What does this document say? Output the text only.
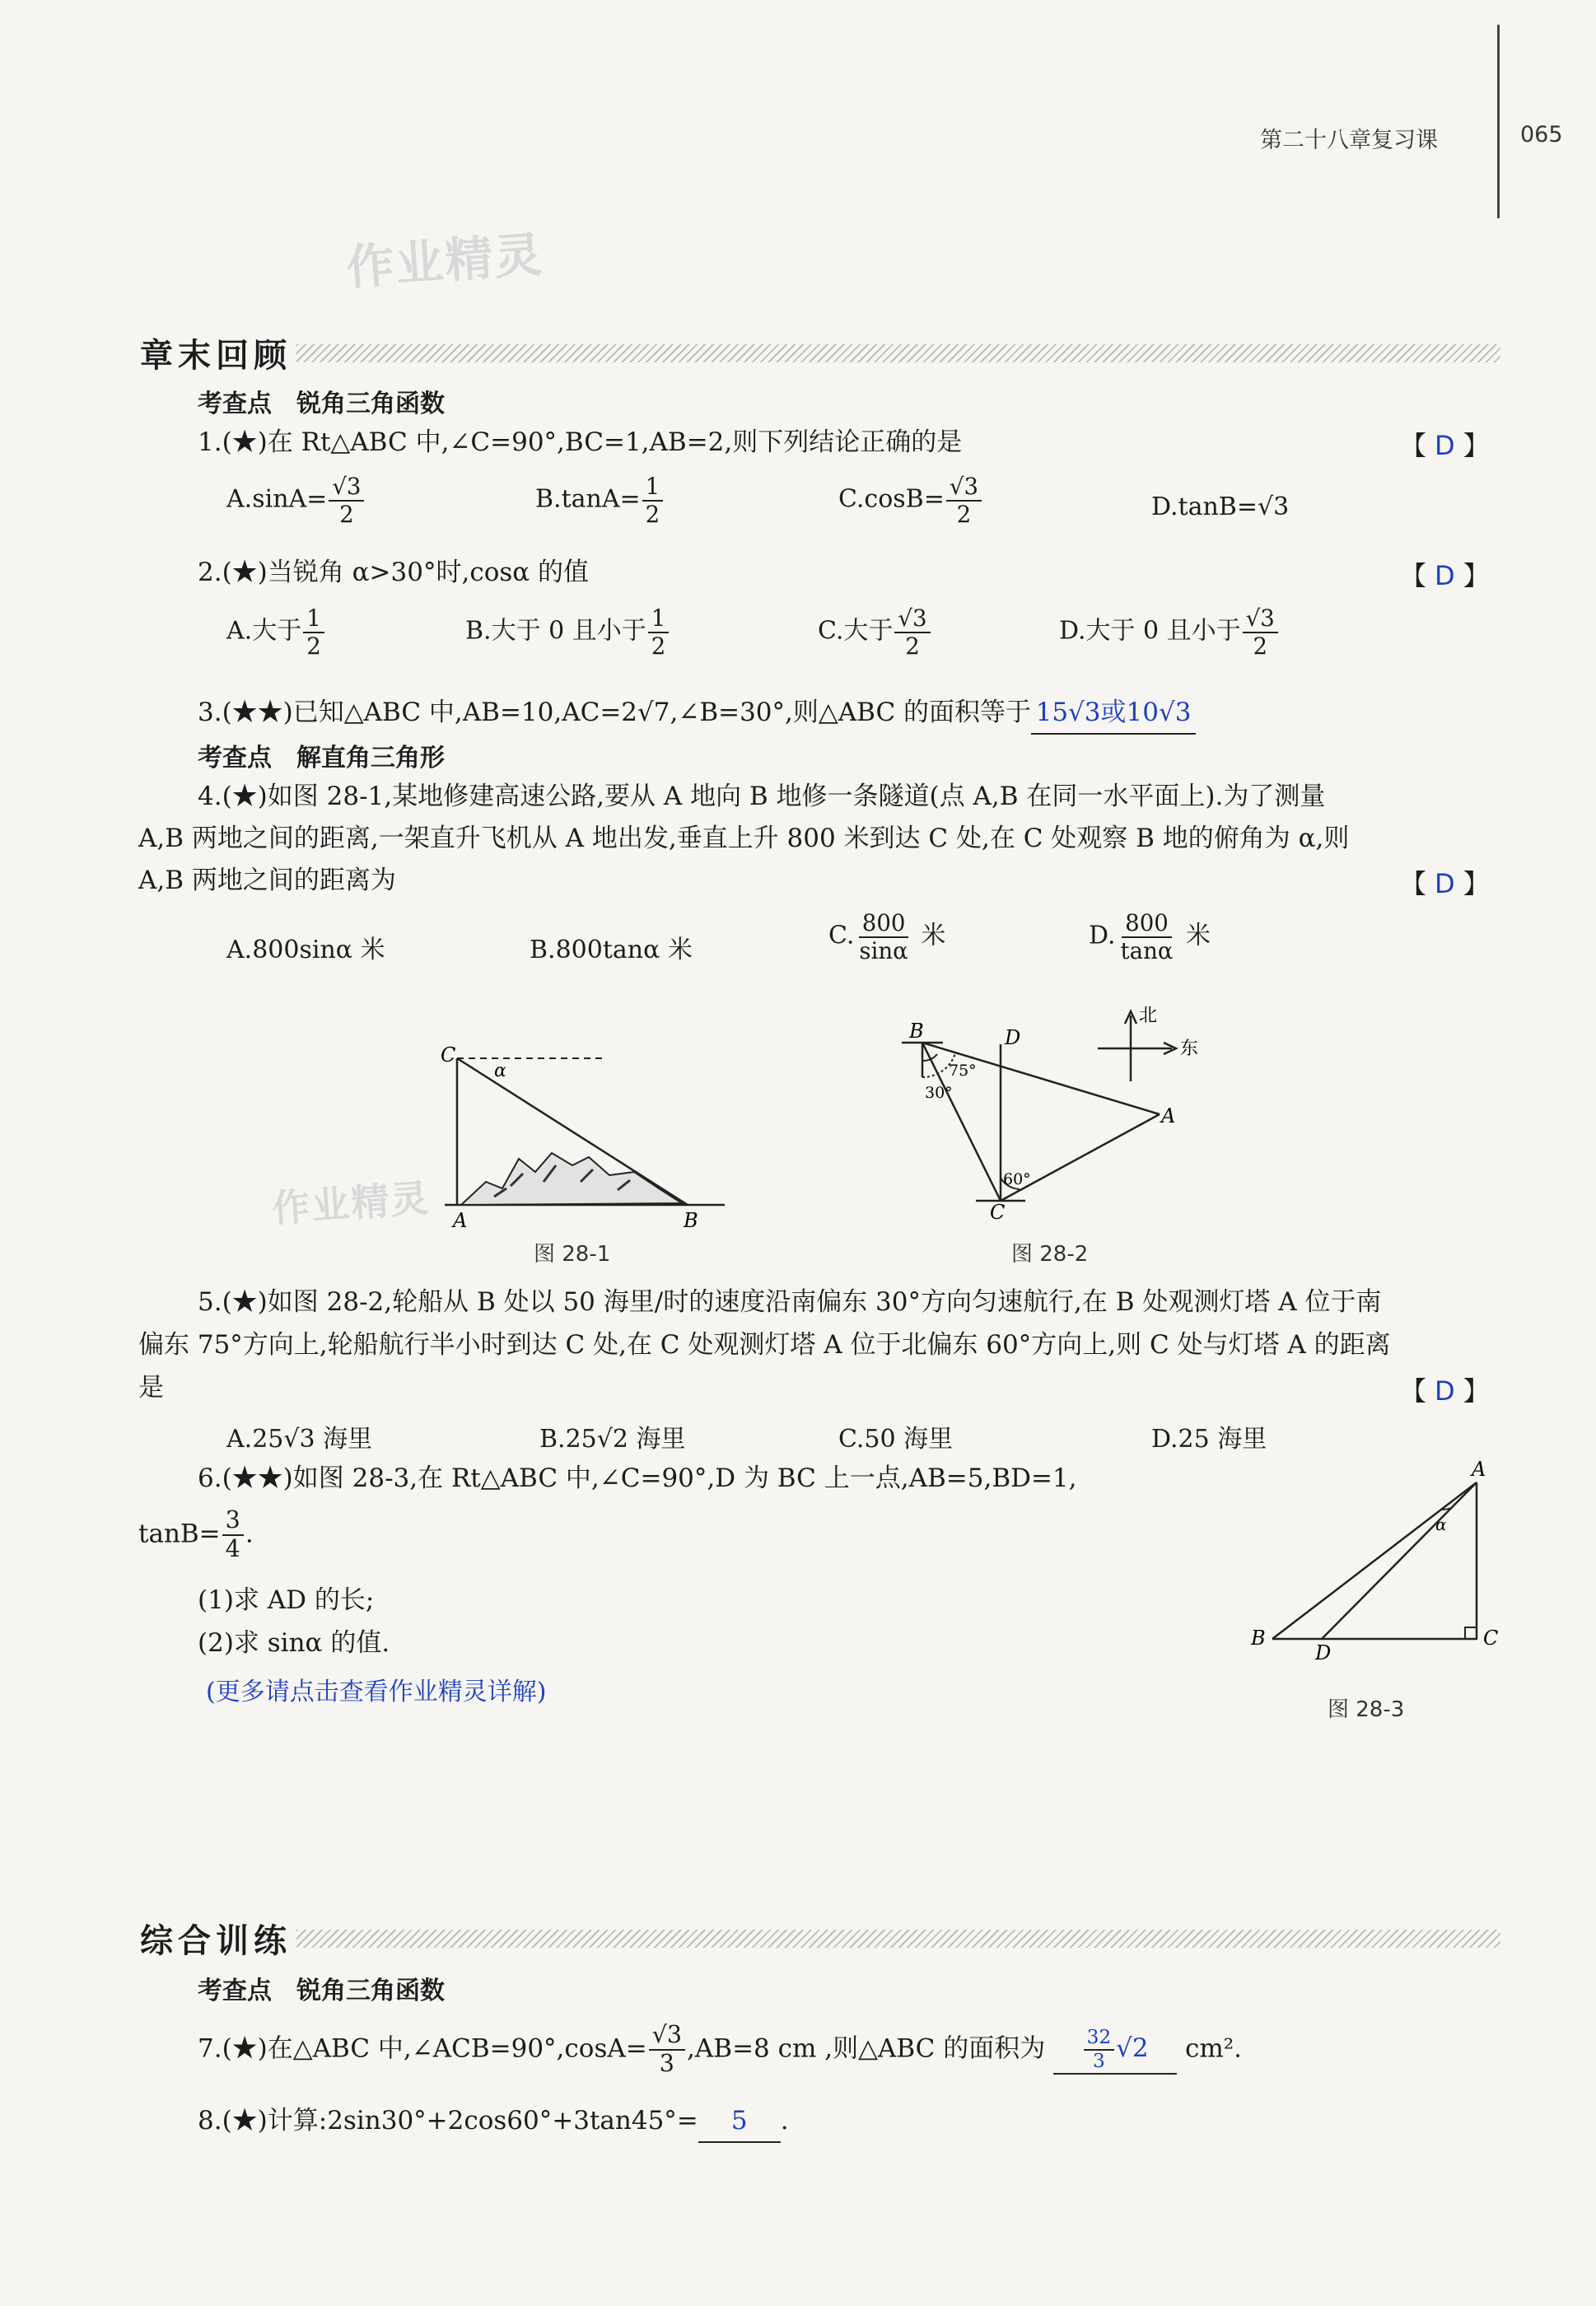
第二十八章复习课	065
作业精灵
章末回顾
考查点　锐角三角函数
1.(★)在 Rt△ABC 中,∠C=90°,BC=1,AB=2,则下列结论正确的是	【 D 】
$A.\sin A= \frac{√3}{2}$	$B.\tan A= \frac{1}{2}$	$C.\cos B= \frac{√3}{2}$	D.tanB=√3
2.(★)当锐角 α>30°时,cosα 的值	【 D 】
A.大于 $\frac{1}{2}$	B.大于 0 且小于 $\frac{1}{2}$	C.大于 $\frac{√3}{2}$	D.大于 0 且小于 $\frac{√3}{2}$
3.(★★)已知△ABC 中,AB=10,AC=2√7,∠B=30°,则△ABC 的面积等于 15√3或10√3
考查点　解直角三角形
4.(★)如图 28-1,某地修建高速公路,要从 A 地向 B 地修一条隧道(点 A,B 在同一水平面上).为了测量
A,B 两地之间的距离,一架直升飞机从 A 地出发,垂直上升 800 米到达 C 处,在 C 处观察 B 地的俯角为 α,则
A,B 两地之间的距离为	【 D 】
A.800sinα 米	B.800tanα 米	C. $\frac{800}{\sin\alpha}$ 米	D. $\frac{800}{\tan\alpha}$ 米
C
α
A	B
作业精灵
图 28-1
北
东
B	D
A
C
75°
30°
60°
图 28-2
5.(★)如图 28-2,轮船从 B 处以 50 海里/时的速度沿南偏东 30°方向匀速航行,在 B 处观测灯塔 A 位于南
偏东 75°方向上,轮船航行半小时到达 C 处,在 C 处观测灯塔 A 位于北偏东 60°方向上,则 C 处与灯塔 A 的距离
是	【 D 】
A.25√3 海里	B.25√2 海里	C.50 海里	D.25 海里
6.(★★)如图 28-3,在 Rt△ABC 中,∠C=90°,D 为 BC 上一点,AB=5,BD=1,
$\tan B= \frac{3}{4}$ .
(1)求 AD 的长;
(2)求 sinα 的值.
(更多请点击查看作业精灵详解)
A
B	C
D
α
图 28-3
综合训练
考查点　锐角三角函数
7.(★)在△ABC 中,∠ACB=90°,cosA= $\frac{√3}{3} ,AB=8$ cm ,则△ABC 的面积为 $\frac{32}{3} √2$ cm².
8.(★)计算:2sin30°+2cos60°+3tan45°= 5 .
